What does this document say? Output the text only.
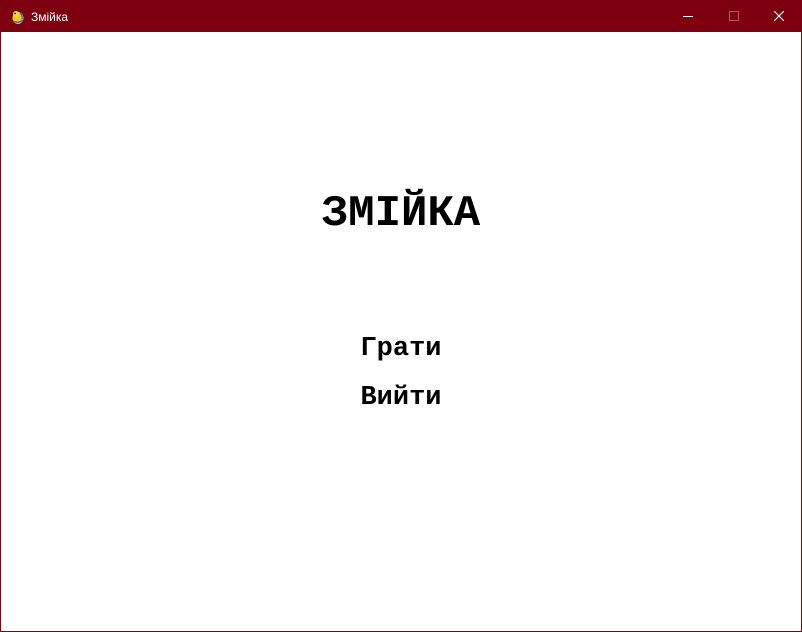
Змійка
ЗМІЙКА
Грати
Вийти
